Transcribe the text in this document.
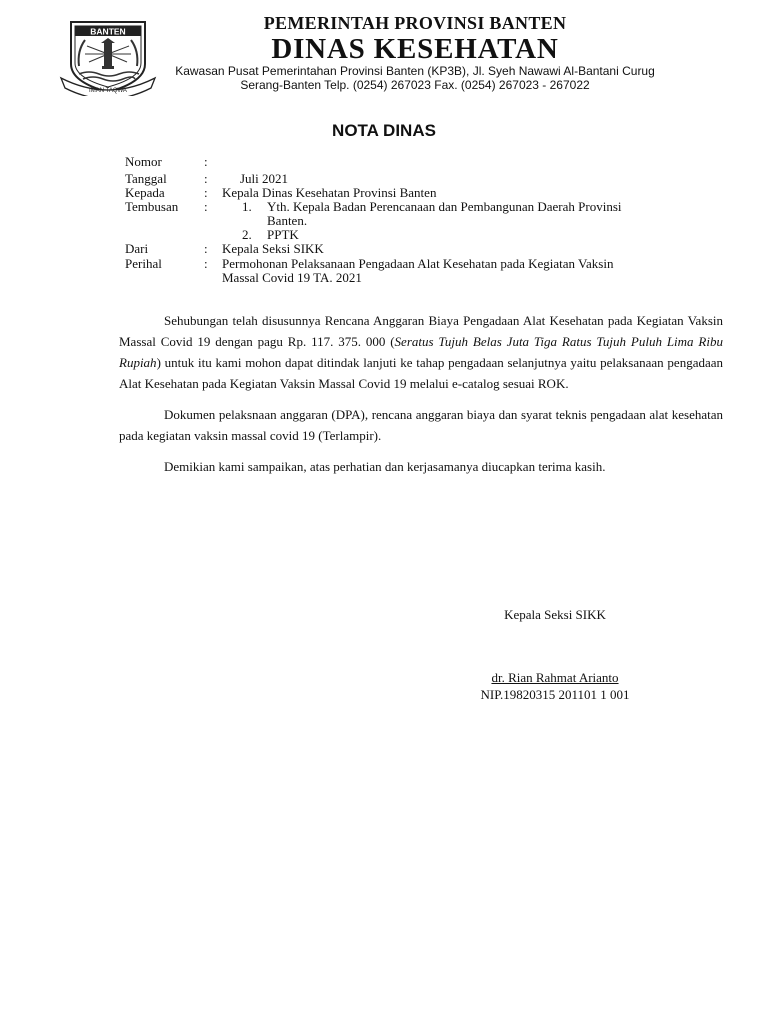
BANTEN
IMAN TAQWA
PEMERINTAH PROVINSI BANTEN
DINAS KESEHATAN
Kawasan Pusat Pemerintahan Provinsi Banten (KP3B), Jl. Syeh Nawawi Al-Bantani Curug
Serang-Banten Telp. (0254) 267023 Fax. (0254) 267023 - 267022
NOTA DINAS
Nomor	:
Tanggal	: Juli 2021
Kepada	: Kepala Dinas Kesehatan Provinsi Banten
Tembusan	:	1. Yth. Kepala Badan Perencanaan dan Pembangunan Daerah Provinsi
Banten.
2. PPTK
Dari	: Kepala Seksi SIKK
Perihal	: Permohonan Pelaksanaan Pengadaan Alat Kesehatan pada Kegiatan Vaksin
Massal Covid 19 TA. 2021

Sehubungan telah disusunnya Rencana Anggaran Biaya Pengadaan Alat Kesehatan pada Kegiatan Vaksin Massal Covid 19 dengan pagu Rp. 117. 375. 000 (Seratus Tujuh Belas Juta Tiga Ratus Tujuh Puluh Lima Ribu Rupiah) untuk itu kami mohon dapat ditindak lanjuti ke tahap pengadaan selanjutnya yaitu pelaksanaan pengadaan Alat Kesehatan pada Kegiatan Vaksin Massal Covid 19 melalui e-catalog sesuai ROK.

Dokumen pelaksnaan anggaran (DPA), rencana anggaran biaya dan syarat teknis pengadaan alat kesehatan pada kegiatan vaksin massal covid 19 (Terlampir).

Demikian kami sampaikan, atas perhatian dan kerjasamanya diucapkan terima kasih.

Kepala Seksi SIKK
dr. Rian Rahmat Arianto
NIP.19820315 201101 1 001
